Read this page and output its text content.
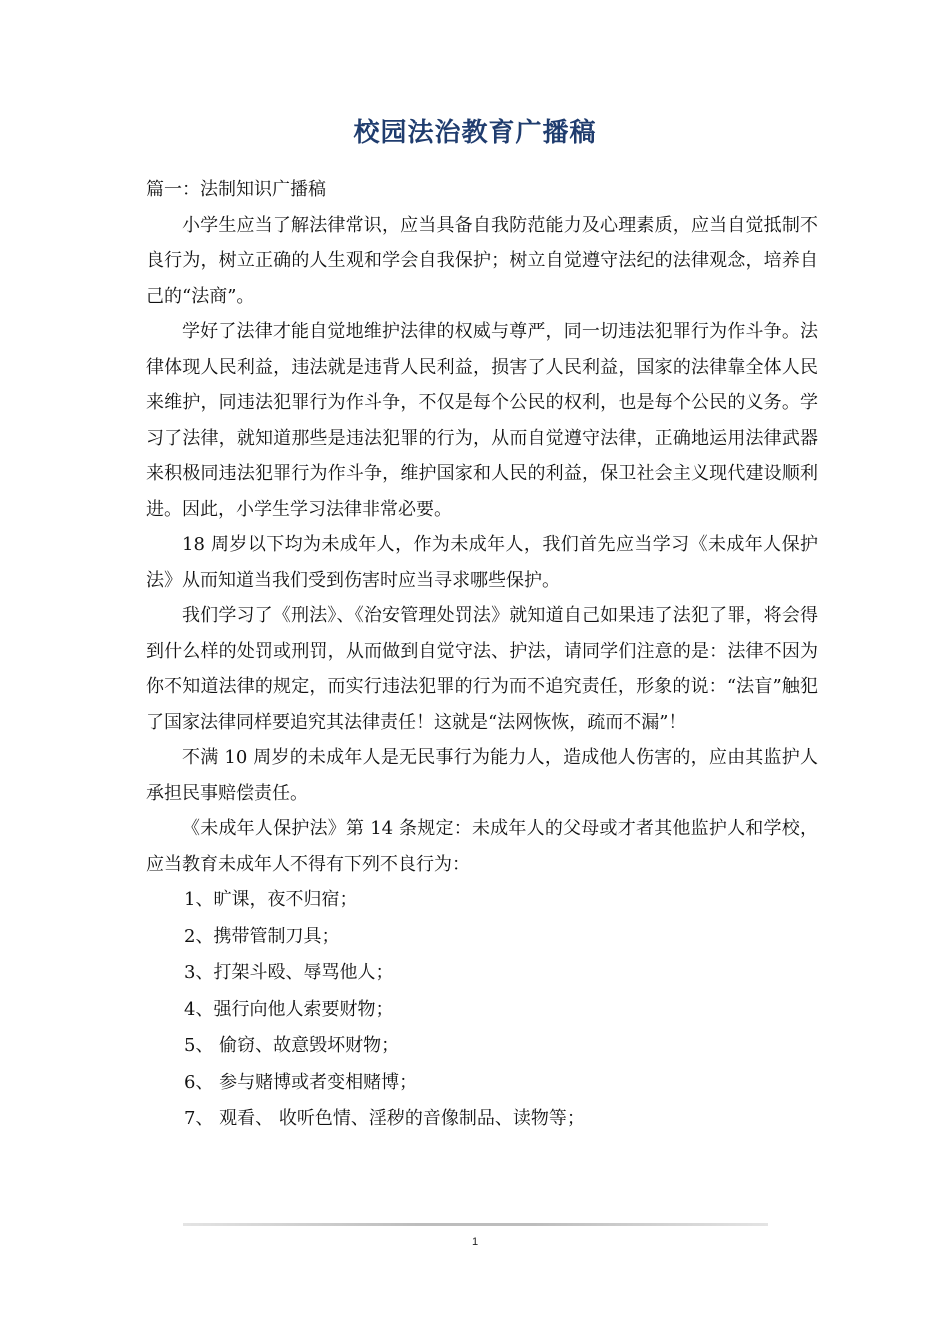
校园法治教育广播稿

篇一：法制知识广播稿

小学生应当了解法律常识，应当具备自我防范能力及心理素质，应当自觉抵制不良行为，树立正确的人生观和学会自我保护；树立自觉遵守法纪的法律观念，培养自己的“法商”。

学好了法律才能自觉地维护法律的权威与尊严，同一切违法犯罪行为作斗争。法律体现人民利益，违法就是违背人民利益，损害了人民利益，国家的法律靠全体人民来维护，同违法犯罪行为作斗争，不仅是每个公民的权利，也是每个公民的义务。学习了法律，就知道那些是违法犯罪的行为，从而自觉遵守法律，正确地运用法律武器来积极同违法犯罪行为作斗争，维护国家和人民的利益，保卫社会主义现代建设顺利进。因此，小学生学习法律非常必要。

18 周岁以下均为未成年人，作为未成年人，我们首先应当学习《未成年人保护法》从而知道当我们受到伤害时应当寻求哪些保护。

我们学习了《刑法》、《治安管理处罚法》就知道自己如果违了法犯了罪，将会得到什么样的处罚或刑罚，从而做到自觉守法、护法，请同学们注意的是：法律不因为你不知道法律的规定，而实行违法犯罪的行为而不追究责任，形象的说：“法盲”触犯了国家法律同样要追究其法律责任！这就是“法网恢恢，疏而不漏”！

不满 10 周岁的未成年人是无民事行为能力人，造成他人伤害的，应由其监护人承担民事赔偿责任。

《未成年人保护法》第 14 条规定：未成年人的父母或才者其他监护人和学校，应当教育未成年人不得有下列不良行为：

1、旷课，夜不归宿；

2、携带管制刀具；

3、打架斗殴、辱骂他人；

4、强行向他人索要财物；

5、 偷窃、故意毁坏财物；

6、 参与赌博或者变相赌博；

7、 观看、 收听色情、淫秽的音像制品、读物等；

1
